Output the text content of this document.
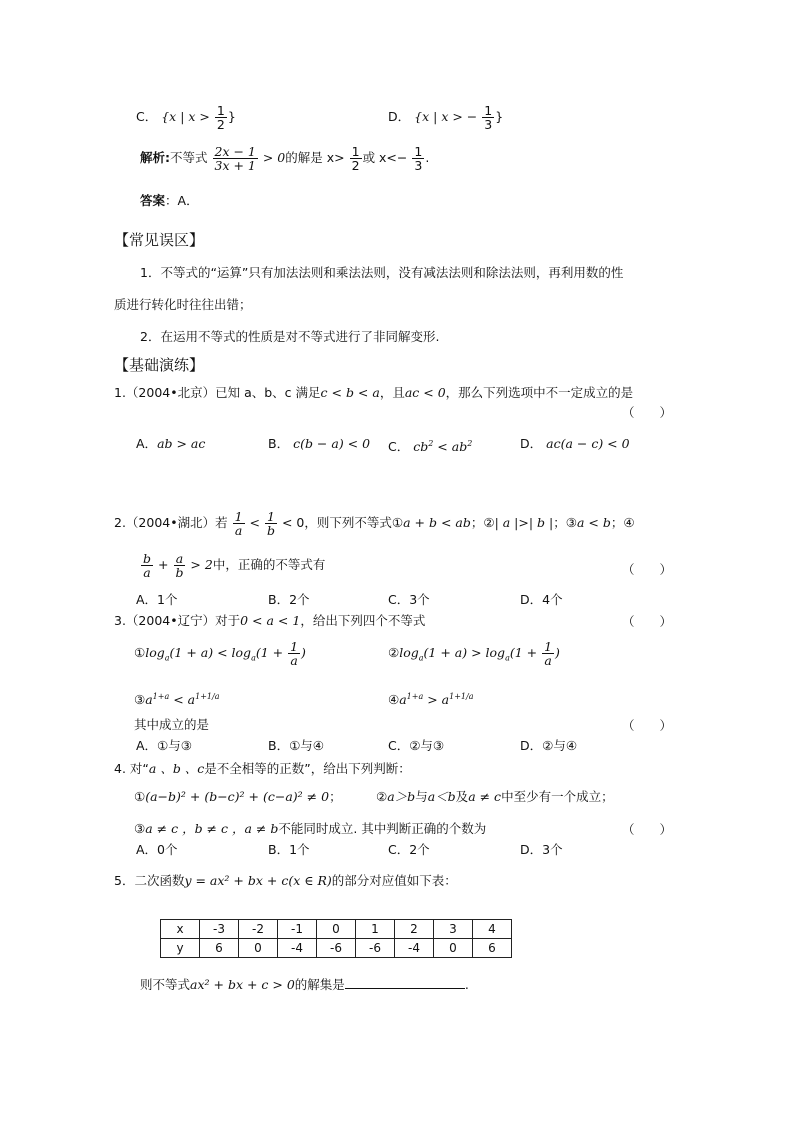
C． {x | $x > \frac{1}{2}$ }	D． {x | x > − $\frac{1}{3}$ }
解析:不等式 $\frac{2x - 1}{3x + 1} > 0$的解是 $x> \frac{1}{2}$ 或 $x<- \frac{1}{3}$ .
答案：A．
【常见误区】
1．不等式的“运算”只有加法法则和乘法法则，没有减法法则和除法法则，再利用数的性
质进行转化时往往出错；
2．在运用不等式的性质是对不等式进行了非同解变形.
【基础演练】
1.（2004•北京）已知 a、b、c 满足c < b < a，且ac < 0，那么下列选项中不一定成立的是
（　　）
A．ab > ac	B． c(b − a) < 0 C． $cb^2 < ab^2$	D． ac(a − c) < 0
2.（2004•湖北）若 $\frac{1}{a} < \frac{1}{b} < 0$，则下列不等式①a + b < ab；②| a |>| b |；③a < b；④
$\frac{b}{a} + \frac{a}{b} > 2$中，正确的不等式有	（　　）
A．1个	B．2个	C．3个	D．4个
3.（2004•辽宁）对于0 < a < 1，给出下列四个不等式	（　　）
$①\log_a(1 + a) < \log_a(1 + \frac{1}{a}$ )	$②\log_a(1 + a) > \log_a(1 + \frac{1}{a}$ )
$③a^{1+a} < a^{1+1/a}$	$④a^{1+a} > a^{1+1/a}$
其中成立的是	（　　）
A．①与③	B．①与④	C．②与③	D．②与④
4. 对“a 、b 、c是不全相等的正数”，给出下列判断：
①(a−b)² + (b−c)² + (c−a)² ≠ 0；	②a＞b与a＜b及a ≠ c中至少有一个成立；
③a ≠ c ，b ≠ c ，a ≠ b不能同时成立. 其中判断正确的个数为	（　　）
A．0个	B．1个	C．2个	D．3个
5．二次函数y = ax² + bx + c(x ∈ R)的部分对应值如下表：
x	-3	-2	-1	0	1	2	3	4
y	6	0	-4	-6	-6	-4	0	6
则不等式ax² + bx + c > 0的解集是	.
